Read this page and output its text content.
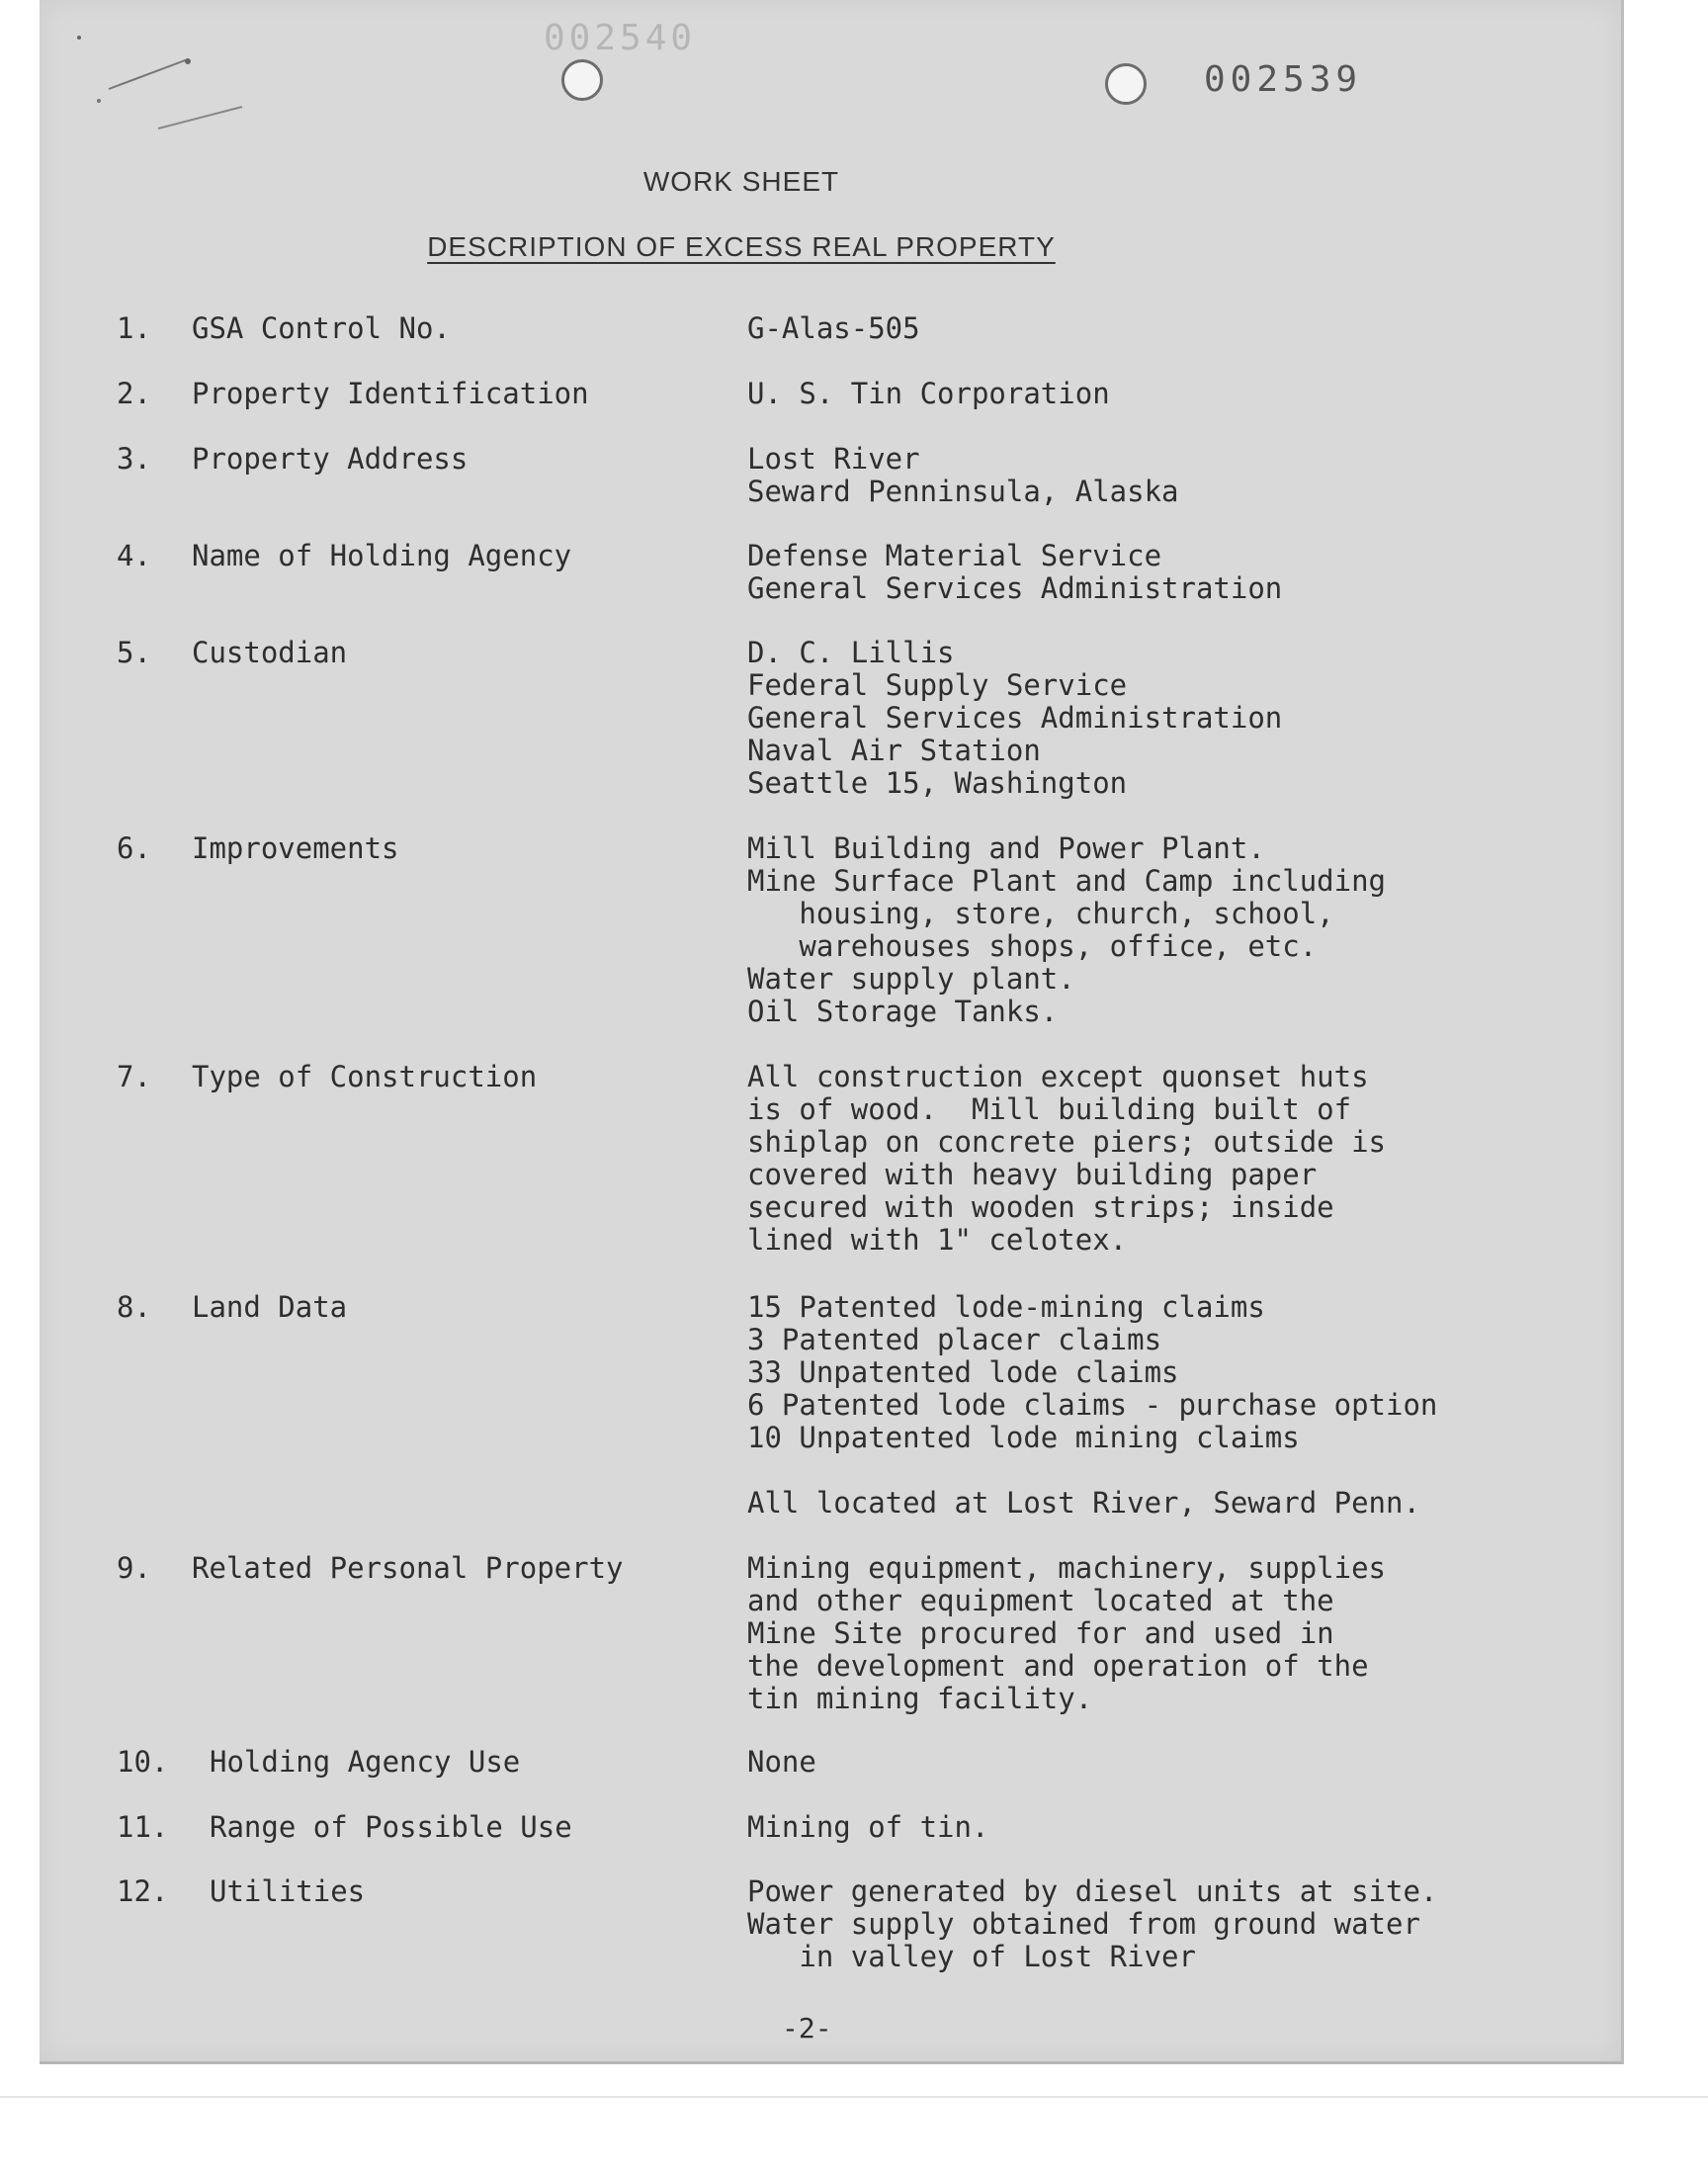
002540
002539
WORK SHEET
DESCRIPTION OF EXCESS REAL PROPERTY
1. GSA Control No.	G-Alas-505
2. Property Identification	U. S. Tin Corporation
3. Property Address	Lost River
Seward Penninsula, Alaska
4. Name of Holding Agency	Defense Material Service
General Services Administration
5. Custodian	D. C. Lillis
Federal Supply Service
General Services Administration
Naval Air Station
Seattle 15, Washington
6. Improvements	Mill Building and Power Plant.
Mine Surface Plant and Camp including
housing, store, church, school,
warehouses shops, office, etc.
Water supply plant.
Oil Storage Tanks.
7. Type of Construction	All construction except quonset huts
is of wood.  Mill building built of
shiplap on concrete piers; outside is
covered with heavy building paper
secured with wooden strips; inside
lined with 1" celotex.
8. Land Data	15 Patented lode-mining claims
3 Patented placer claims
33 Unpatented lode claims
6 Patented lode claims - purchase option
10 Unpatented lode mining claims

All located at Lost River, Seward Penn.
9. Related Personal Property	Mining equipment, machinery, supplies
and other equipment located at the
Mine Site procured for and used in
the development and operation of the
tin mining facility.
10. Holding Agency Use	None
11. Range of Possible Use	Mining of tin.
12. Utilities	Power generated by diesel units at site.
Water supply obtained from ground water
in valley of Lost River
-2-
